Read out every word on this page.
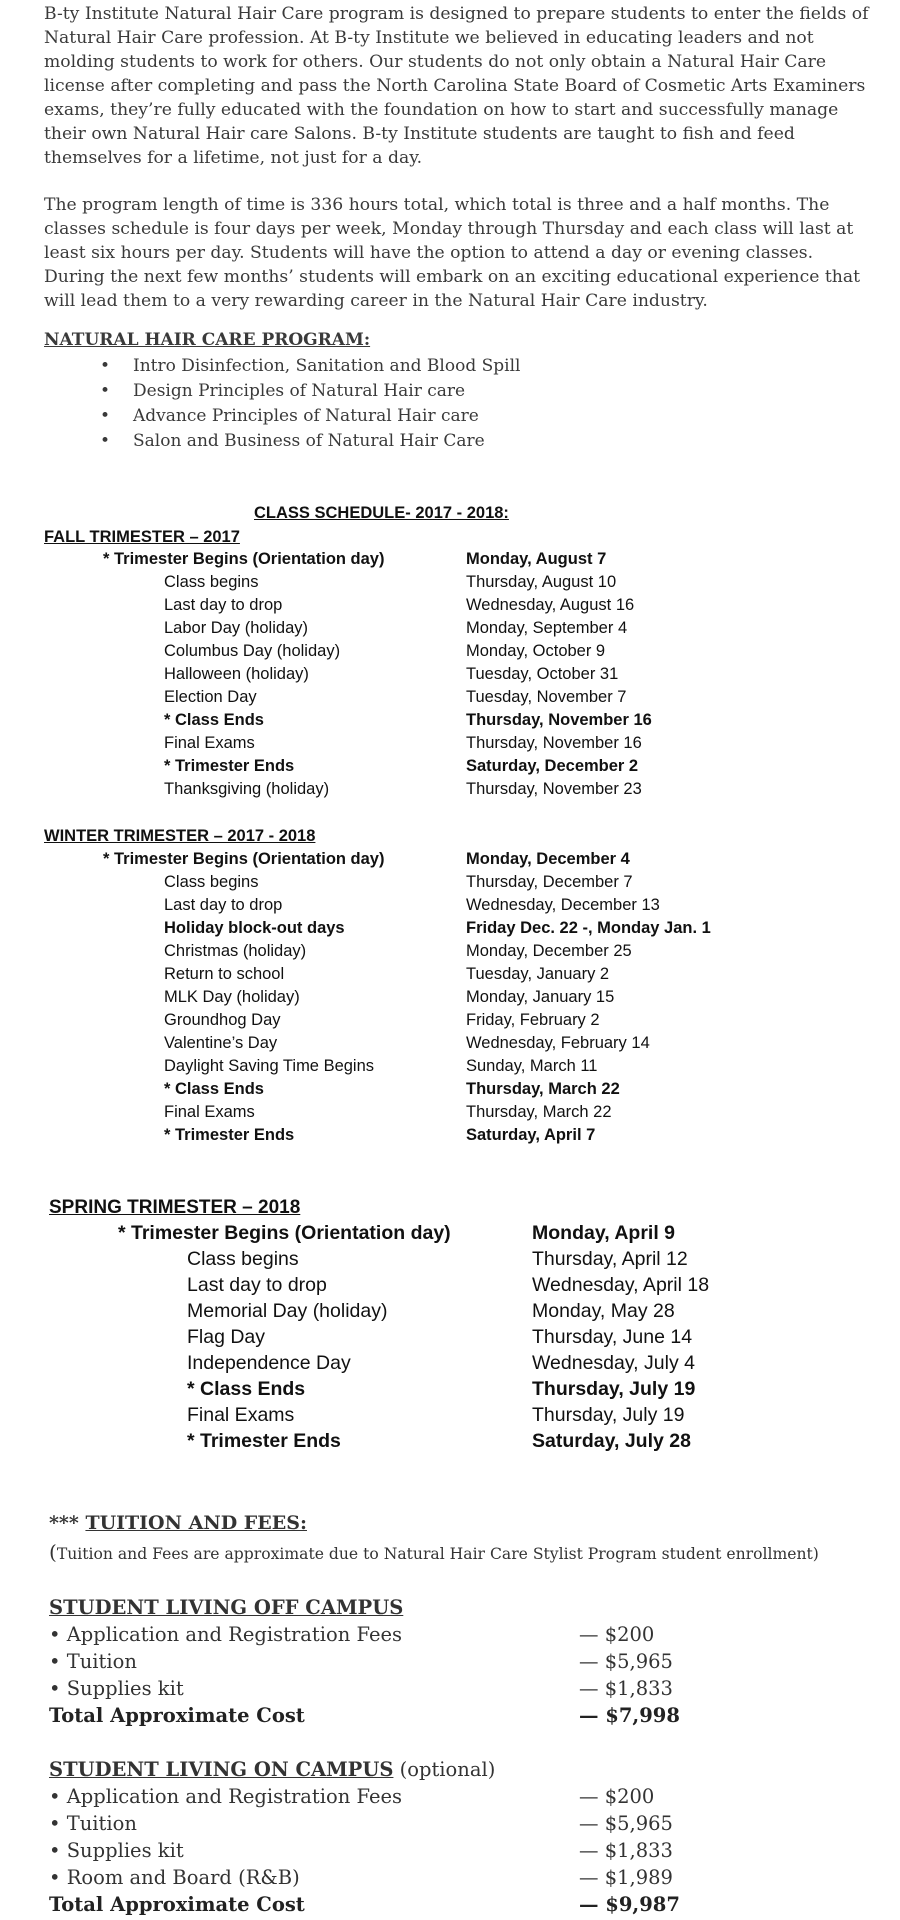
B-ty Institute Natural Hair Care program is designed to prepare students to enter the fields of Natural Hair Care profession. At B-ty Institute we believed in educating leaders and not molding students to work for others. Our students do not only obtain a Natural Hair Care license after completing and pass the North Carolina State Board of Cosmetic Arts Examiners exams, they’re fully educated with the foundation on how to start and successfully manage their own Natural Hair care Salons. B-ty Institute students are taught to fish and feed themselves for a lifetime, not just for a day.

The program length of time is 336 hours total, which total is three and a half months. The classes schedule is four days per week, Monday through Thursday and each class will last at least six hours per day. Students will have the option to attend a day or evening classes. During the next few months’ students will embark on an exciting educational experience that will lead them to a very rewarding career in the Natural Hair Care industry.

NATURAL HAIR CARE PROGRAM:
• Intro Disinfection, Sanitation and Blood Spill
• Design Principles of Natural Hair care
• Advance Principles of Natural Hair care
• Salon and Business of Natural Hair Care
CLASS SCHEDULE- 2017 - 2018:
FALL TRIMESTER – 2017
* Trimester Begins (Orientation day)	Monday, August 7
Class begins	Thursday, August 10
Last day to drop	Wednesday, August 16
Labor Day (holiday)	Monday, September 4
Columbus Day (holiday)	Monday, October 9
Halloween (holiday)	Tuesday, October 31
Election Day	Tuesday, November 7
* Class Ends	Thursday, November 16
Final Exams	Thursday, November 16
* Trimester Ends	Saturday, December 2
Thanksgiving (holiday)	Thursday, November 23
WINTER TRIMESTER – 2017 - 2018
* Trimester Begins (Orientation day)	Monday, December 4
Class begins	Thursday, December 7
Last day to drop	Wednesday, December 13
Holiday block-out days	Friday Dec. 22 -, Monday Jan. 1
Christmas (holiday)	Monday, December 25
Return to school	Tuesday, January 2
MLK Day (holiday)	Monday, January 15
Groundhog Day	Friday, February 2
Valentine’s Day	Wednesday, February 14
Daylight Saving Time Begins	Sunday, March 11
* Class Ends	Thursday, March 22
Final Exams	Thursday, March 22
* Trimester Ends	Saturday, April 7
SPRING TRIMESTER – 2018
* Trimester Begins (Orientation day)	Monday, April 9
Class begins	Thursday, April 12
Last day to drop	Wednesday, April 18
Memorial Day (holiday)	Monday, May 28
Flag Day	Thursday, June 14
Independence Day	Wednesday, July 4
* Class Ends	Thursday, July 19
Final Exams	Thursday, July 19
* Trimester Ends	Saturday, July 28
*** TUITION AND FEES:
(Tuition and Fees are approximate due to Natural Hair Care Stylist Program student enrollment)
STUDENT LIVING OFF CAMPUS
• Application and Registration Fees	— $200
• Tuition	— $5,965
• Supplies kit	— $1,833
Total Approximate Cost	— $7,998
STUDENT LIVING ON CAMPUS (optional)
• Application and Registration Fees	— $200
• Tuition	— $5,965
• Supplies kit	— $1,833
• Room and Board (R&B)	— $1,989
Total Approximate Cost	— $9,987
